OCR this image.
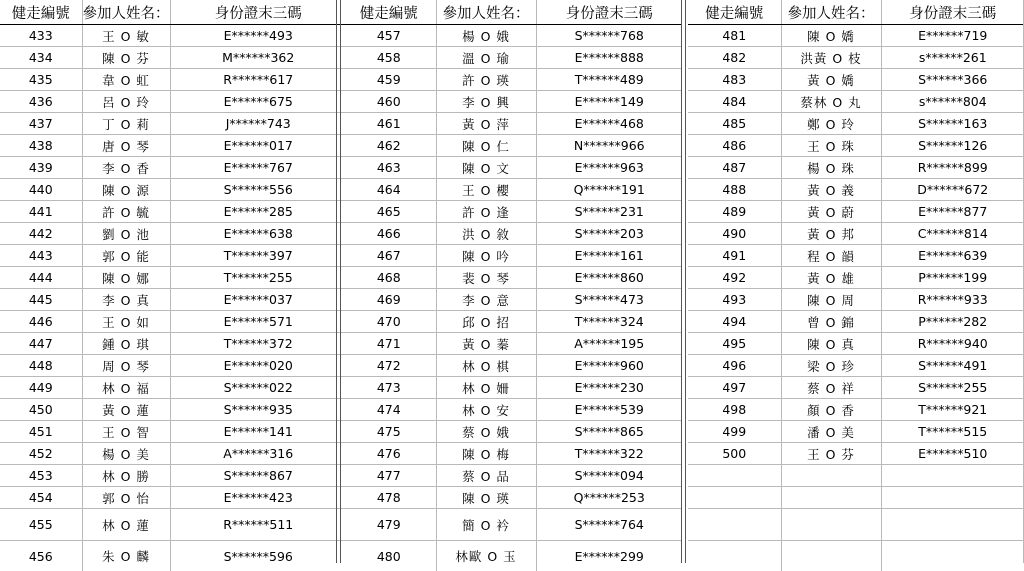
健走編號	參加人姓名：	身份證末三碼
433	王 O 敏	E******493
434	陳 O 芬	M******362
435	韋 O 虹	R******617
436	呂 O 玲	E******675
437	丁 O 莉	J******743
438	唐 O 琴	E******017
439	李 O 香	E******767
440	陳 O 源	S******556
441	許 O 毓	E******285
442	劉 O 池	E******638
443	郭 O 能	T******397
444	陳 O 娜	T******255
445	李 O 真	E******037
446	王 O 如	E******571
447	鍾 O 琪	T******372
448	周 O 琴	E******020
449	林 O 福	S******022
450	黃 O 蓮	S******935
451	王 O 智	E******141
452	楊 O 美	A******316
453	林 O 勝	S******867
454	郭 O 怡	E******423
455	林 O 蓮	R******511
456	朱 O 麟	S******596
健走編號	參加人姓名：	身份證末三碼
457	楊 O 娥	S******768
458	溫 O 瑜	E******888
459	許 O 瑛	T******489
460	李 O 興	E******149
461	黃 O 萍	E******468
462	陳 O 仁	N******966
463	陳 O 文	E******963
464	王 O 櫻	Q******191
465	許 O 逢	S******231
466	洪 O 敘	S******203
467	陳 O 吟	E******161
468	裴 O 琴	E******860
469	李 O 意	S******473
470	邱 O 招	T******324
471	黃 O 蓁	A******195
472	林 O 棋	E******960
473	林 O 姍	E******230
474	林 O 安	E******539
475	蔡 O 娥	S******865
476	陳 O 梅	T******322
477	蔡 O 品	S******094
478	陳 O 瑛	Q******253
479	簡 O 衿	S******764
480	林歐 O 玉	E******299
健走編號	參加人姓名：	身份證末三碼
481	陳 O 嬌	E******719
482	洪黃 O 枝	s******261
483	黃 O 嬌	S******366
484	蔡林 O 丸	s******804
485	鄭 O 玲	S******163
486	王 O 珠	S******126
487	楊 O 珠	R******899
488	黃 O 義	D******672
489	黃 O 蔚	E******877
490	黃 O 邦	C******814
491	程 O 韻	E******639
492	黃 O 雄	P******199
493	陳 O 周	R******933
494	曾 O 錦	P******282
495	陳 O 真	R******940
496	梁 O 珍	S******491
497	蔡 O 祥	S******255
498	顏 O 香	T******921
499	潘 O 美	T******515
500	王 O 芬	E******510
